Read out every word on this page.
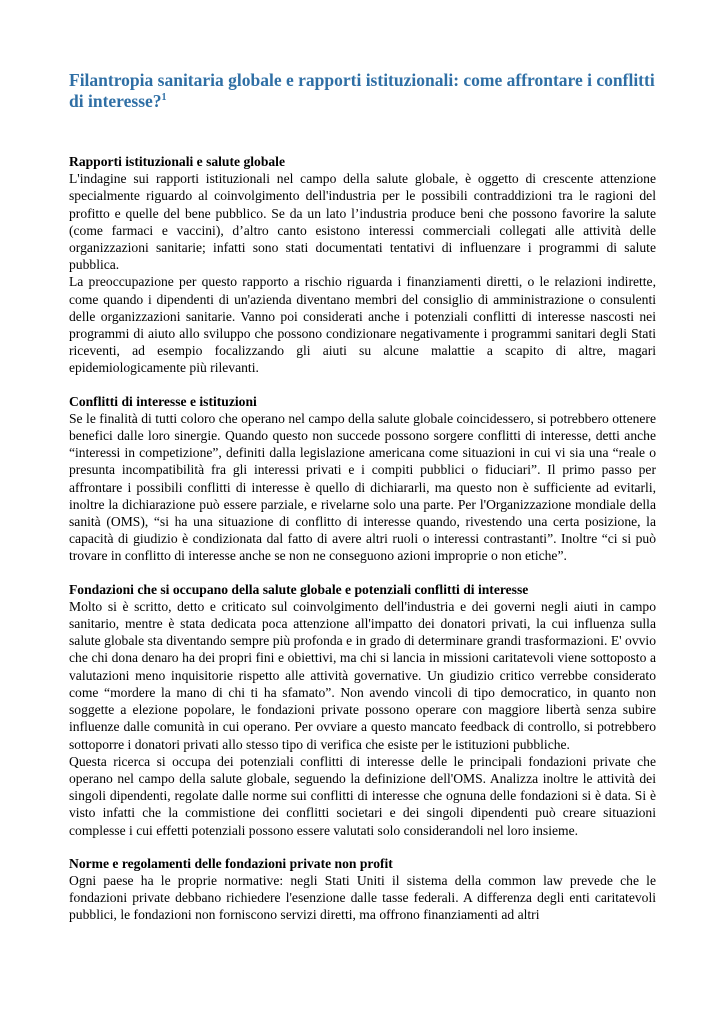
Filantropia sanitaria globale e rapporti istituzionali: come affrontare i conflitti di interesse?$^1$
Rapporti istituzionali e salute globale

L'indagine sui rapporti istituzionali nel campo della salute globale, è oggetto di crescente attenzione specialmente riguardo al coinvolgimento dell'industria per le possibili contraddizioni tra le ragioni del profitto e quelle del bene pubblico. Se da un lato l’industria produce beni che possono favorire la salute (come farmaci e vaccini), d’altro canto esistono interessi commerciali collegati alle attività delle organizzazioni sanitarie; infatti sono stati documentati tentativi di influenzare i programmi di salute pubblica.

La preoccupazione per questo rapporto a rischio riguarda i finanziamenti diretti, o le relazioni indirette, come quando i dipendenti di un'azienda diventano membri del consiglio di amministrazione o consulenti delle organizzazioni sanitarie. Vanno poi considerati anche i potenziali conflitti di interesse nascosti nei programmi di aiuto allo sviluppo che possono condizionare negativamente i programmi sanitari degli Stati riceventi, ad esempio focalizzando gli aiuti su alcune malattie a scapito di altre, magari epidemiologicamente più rilevanti.

Conflitti di interesse e istituzioni

Se le finalità di tutti coloro che operano nel campo della salute globale coincidessero, si potrebbero ottenere benefici dalle loro sinergie. Quando questo non succede possono sorgere conflitti di interesse, detti anche “interessi in competizione”, definiti dalla legislazione americana come situazioni in cui vi sia una “reale o presunta incompatibilità fra gli interessi privati e i compiti pubblici o fiduciari”. Il primo passo per affrontare i possibili conflitti di interesse è quello di dichiararli, ma questo non è sufficiente ad evitarli, inoltre la dichiarazione può essere parziale, e rivelarne solo una parte. Per l'Organizzazione mondiale della sanità (OMS), “si ha una situazione di conflitto di interesse quando, rivestendo una certa posizione, la capacità di giudizio è condizionata dal fatto di avere altri ruoli o interessi contrastanti”. Inoltre “ci si può trovare in conflitto di interesse anche se non ne conseguono azioni improprie o non etiche”.

Fondazioni che si occupano della salute globale e potenziali conflitti di interesse

Molto si è scritto, detto e criticato sul coinvolgimento dell'industria e dei governi negli aiuti in campo sanitario, mentre è stata dedicata poca attenzione all'impatto dei donatori privati, la cui influenza sulla salute globale sta diventando sempre più profonda e in grado di determinare grandi trasformazioni. E' ovvio che chi dona denaro ha dei propri fini e obiettivi, ma chi si lancia in missioni caritatevoli viene sottoposto a valutazioni meno inquisitorie rispetto alle attività governative. Un giudizio critico verrebbe considerato come “mordere la mano di chi ti ha sfamato”. Non avendo vincoli di tipo democratico, in quanto non soggette a elezione popolare, le fondazioni private possono operare con maggiore libertà senza subire influenze dalle comunità in cui operano. Per ovviare a questo mancato feedback di controllo, si potrebbero sottoporre i donatori privati allo stesso tipo di verifica che esiste per le istituzioni pubbliche.

Questa ricerca si occupa dei potenziali conflitti di interesse delle le principali fondazioni private che operano nel campo della salute globale, seguendo la definizione dell'OMS. Analizza inoltre le attività dei singoli dipendenti, regolate dalle norme sui conflitti di interesse che ognuna delle fondazioni si è data. Si è visto infatti che la commistione dei conflitti societari e dei singoli dipendenti può creare situazioni complesse i cui effetti potenziali possono essere valutati solo considerandoli nel loro insieme.

Norme e regolamenti delle fondazioni private non profit

Ogni paese ha le proprie normative: negli Stati Uniti il sistema della common law prevede che le fondazioni private debbano richiedere l'esenzione dalle tasse federali. A differenza degli enti caritatevoli pubblici, le fondazioni non forniscono servizi diretti, ma offrono finanziamenti ad altri
